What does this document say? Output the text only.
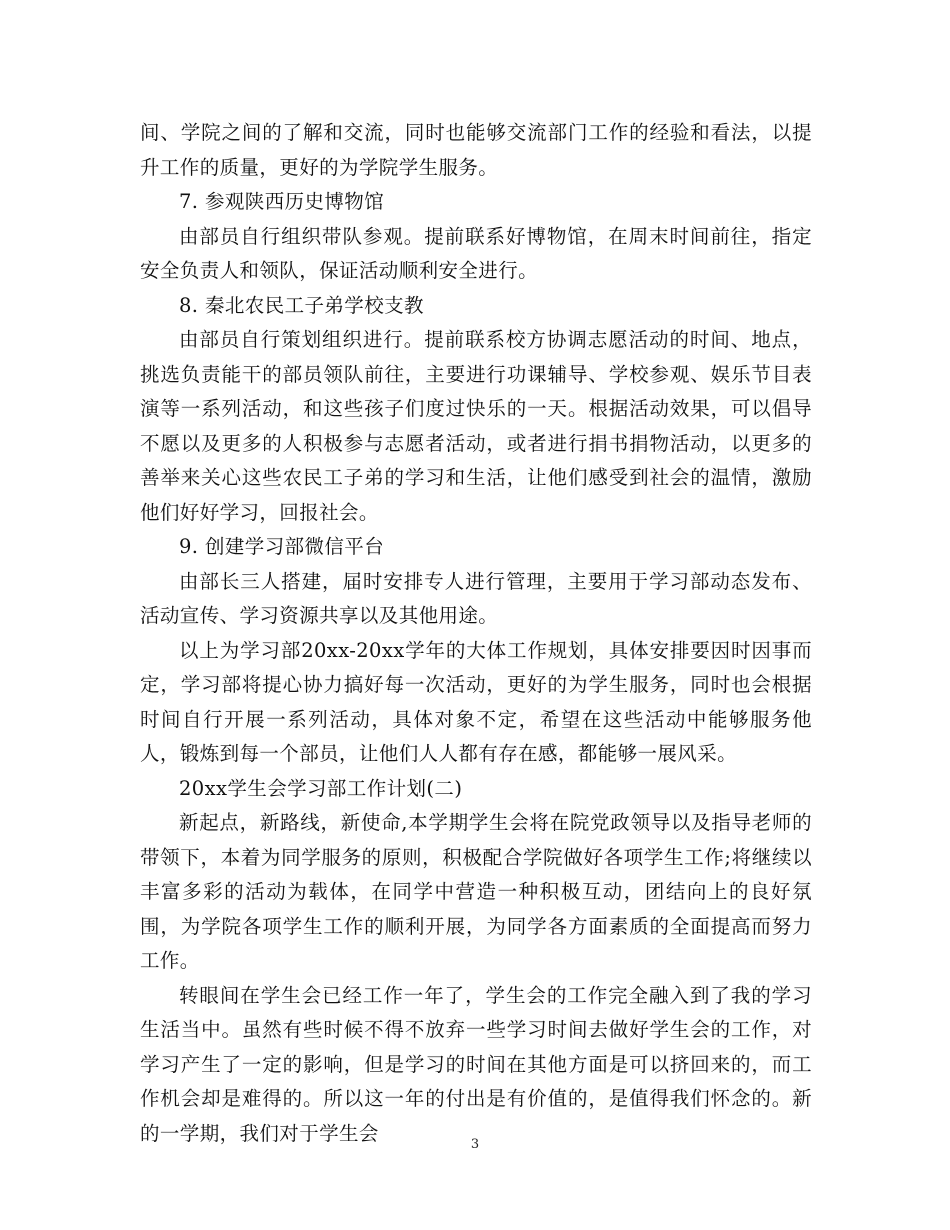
间、学院之间的了解和交流，同时也能够交流部门工作的经验和看法，以提升工作的质量，更好的为学院学生服务。

7. 参观陕西历史博物馆

由部员自行组织带队参观。提前联系好博物馆，在周末时间前往，指定安全负责人和领队，保证活动顺利安全进行。

8. 秦北农民工子弟学校支教

由部员自行策划组织进行。提前联系校方协调志愿活动的时间、地点，挑选负责能干的部员领队前往，主要进行功课辅导、学校参观、娱乐节目表演等一系列活动，和这些孩子们度过快乐的一天。根据活动效果，可以倡导不愿以及更多的人积极参与志愿者活动，或者进行捐书捐物活动，以更多的善举来关心这些农民工子弟的学习和生活，让他们感受到社会的温情，激励他们好好学习，回报社会。

9. 创建学习部微信平台

由部长三人搭建，届时安排专人进行管理，主要用于学习部动态发布、活动宣传、学习资源共享以及其他用途。

以上为学习部20xx-20xx学年的大体工作规划，具体安排要因时因事而定，学习部将提心协力搞好每一次活动，更好的为学生服务，同时也会根据时间自行开展一系列活动，具体对象不定，希望在这些活动中能够服务他人，锻炼到每一个部员，让他们人人都有存在感，都能够一展风采。

20xx学生会学习部工作计划(二)

新起点，新路线，新使命,本学期学生会将在院党政领导以及指导老师的带领下，本着为同学服务的原则，积极配合学院做好各项学生工作;将继续以丰富多彩的活动为载体，在同学中营造一种积极互动，团结向上的良好氛围，为学院各项学生工作的顺利开展，为同学各方面素质的全面提高而努力工作。

转眼间在学生会已经工作一年了，学生会的工作完全融入到了我的学习生活当中。虽然有些时候不得不放弃一些学习时间去做好学生会的工作，对学习产生了一定的影响，但是学习的时间在其他方面是可以挤回来的，而工作机会却是难得的。所以这一年的付出是有价值的，是值得我们怀念的。新的一学期，我们对于学生会	3
